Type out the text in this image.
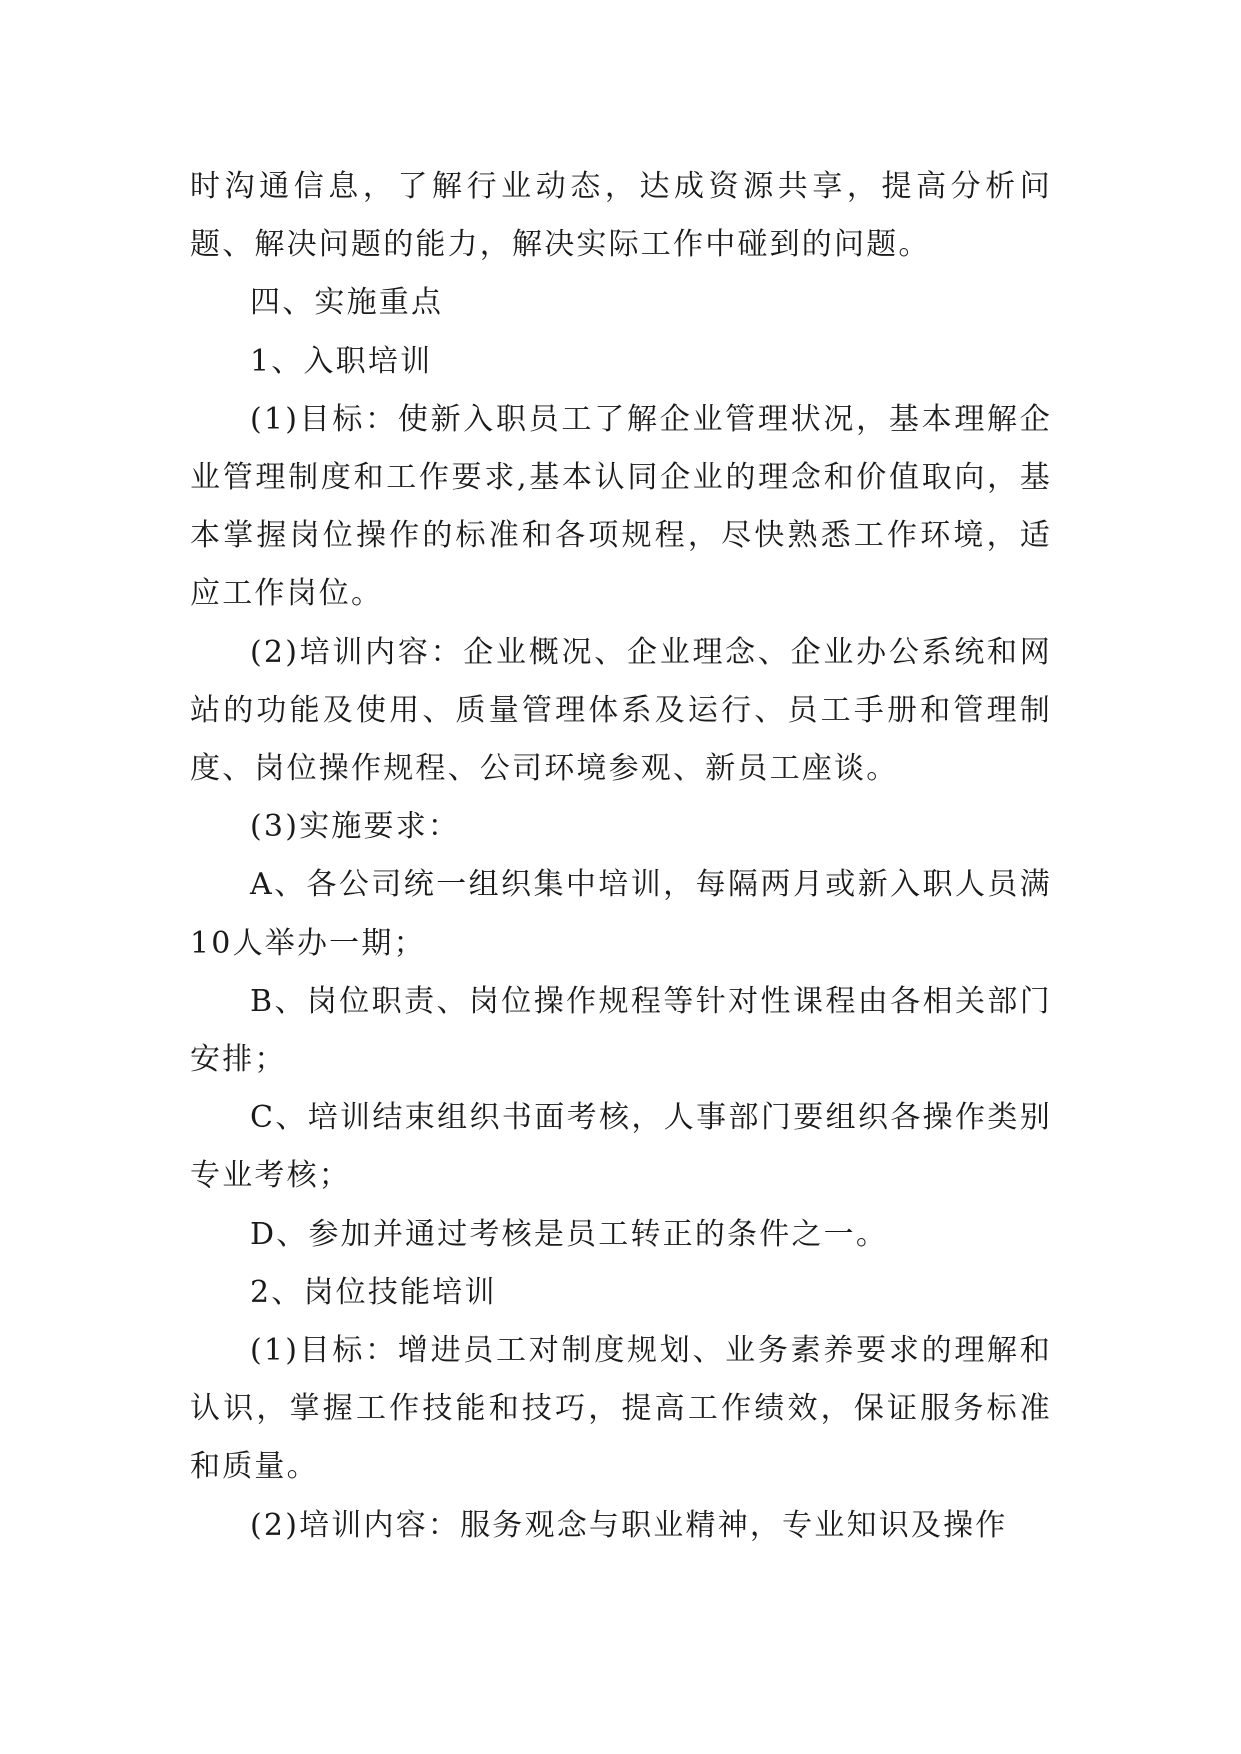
时沟通信息，了解行业动态，达成资源共享，提高分析问题、解决问题的能力，解决实际工作中碰到的问题。

四、实施重点

1、入职培训

(1)目标：使新入职员工了解企业管理状况，基本理解企业管理制度和工作要求,基本认同企业的理念和价值取向，基本掌握岗位操作的标准和各项规程，尽快熟悉工作环境，适应工作岗位。

(2)培训内容：企业概况、企业理念、企业办公系统和网站的功能及使用、质量管理体系及运行、员工手册和管理制度、岗位操作规程、公司环境参观、新员工座谈。

(3)实施要求：

A、各公司统一组织集中培训，每隔两月或新入职人员满10人举办一期；

B、岗位职责、岗位操作规程等针对性课程由各相关部门安排；

C、培训结束组织书面考核，人事部门要组织各操作类别专业考核；

D、参加并通过考核是员工转正的条件之一。

2、岗位技能培训

(1)目标：增进员工对制度规划、业务素养要求的理解和认识，掌握工作技能和技巧，提高工作绩效，保证服务标准和质量。

(2)培训内容：服务观念与职业精神，专业知识及操作
